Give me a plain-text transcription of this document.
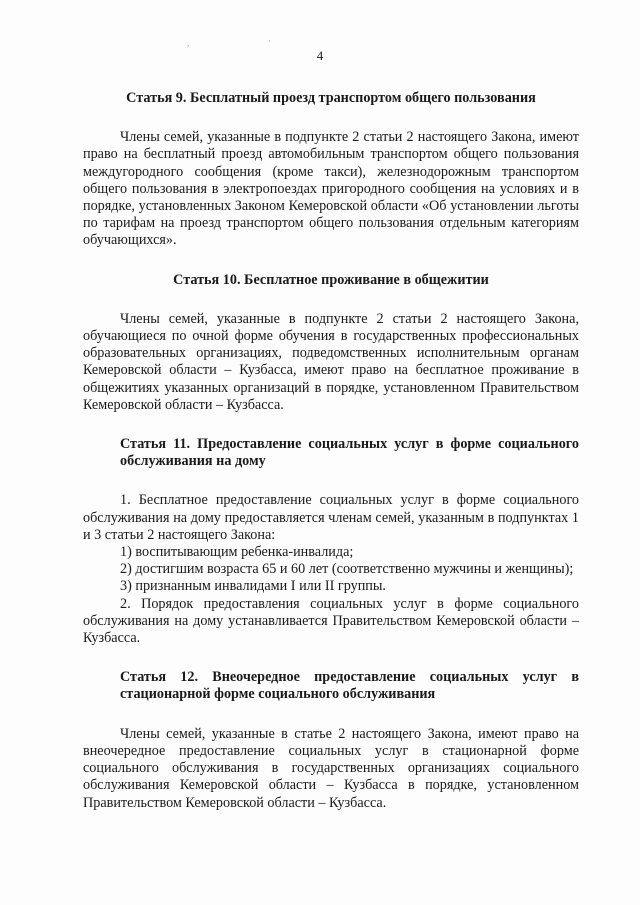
,	·
4
Статья 9. Бесплатный проезд транспортом общего пользования

Члены семей, указанные в подпункте 2 статьи 2 настоящего Закона, имеют право на бесплатный проезд автомобильным транспортом общего пользования междугородного сообщения (кроме такси), железнодорожным транспортом общего пользования в электропоездах пригородного сообщения на условиях и в порядке, установленных Законом Кемеровской области «Об установлении льготы по тарифам на проезд транспортом общего пользования отдельным категориям обучающихся».

Статья 10. Бесплатное проживание в общежитии

Члены семей, указанные в подпункте 2 статьи 2 настоящего Закона, обучающиеся по очной форме обучения в государственных профессиональных образовательных организациях, подведомственных исполнительным органам Кемеровской области – Кузбасса, имеют право на бесплатное проживание в общежитиях указанных организаций в порядке, установленном Правительством Кемеровской области – Кузбасса.

Статья 11. Предоставление социальных услуг в форме социального обслуживания на дому

1. Бесплатное предоставление социальных услуг в форме социального обслуживания на дому предоставляется членам семей, указанным в подпунктах 1 и 3 статьи 2 настоящего Закона:

1) воспитывающим ребенка-инвалида;

2) достигшим возраста 65 и 60 лет (соответственно мужчины и женщины);

3) признанным инвалидами I или II группы.

2. Порядок предоставления социальных услуг в форме социального обслуживания на дому устанавливается Правительством Кемеровской области – Кузбасса.

Статья 12. Внеочередное предоставление социальных услуг в стационарной форме социального обслуживания

Члены семей, указанные в статье 2 настоящего Закона, имеют право на внеочередное предоставление социальных услуг в стационарной форме социального обслуживания в государственных организациях социального обслуживания Кемеровской области – Кузбасса в порядке, установленном Правительством Кемеровской области – Кузбасса.
